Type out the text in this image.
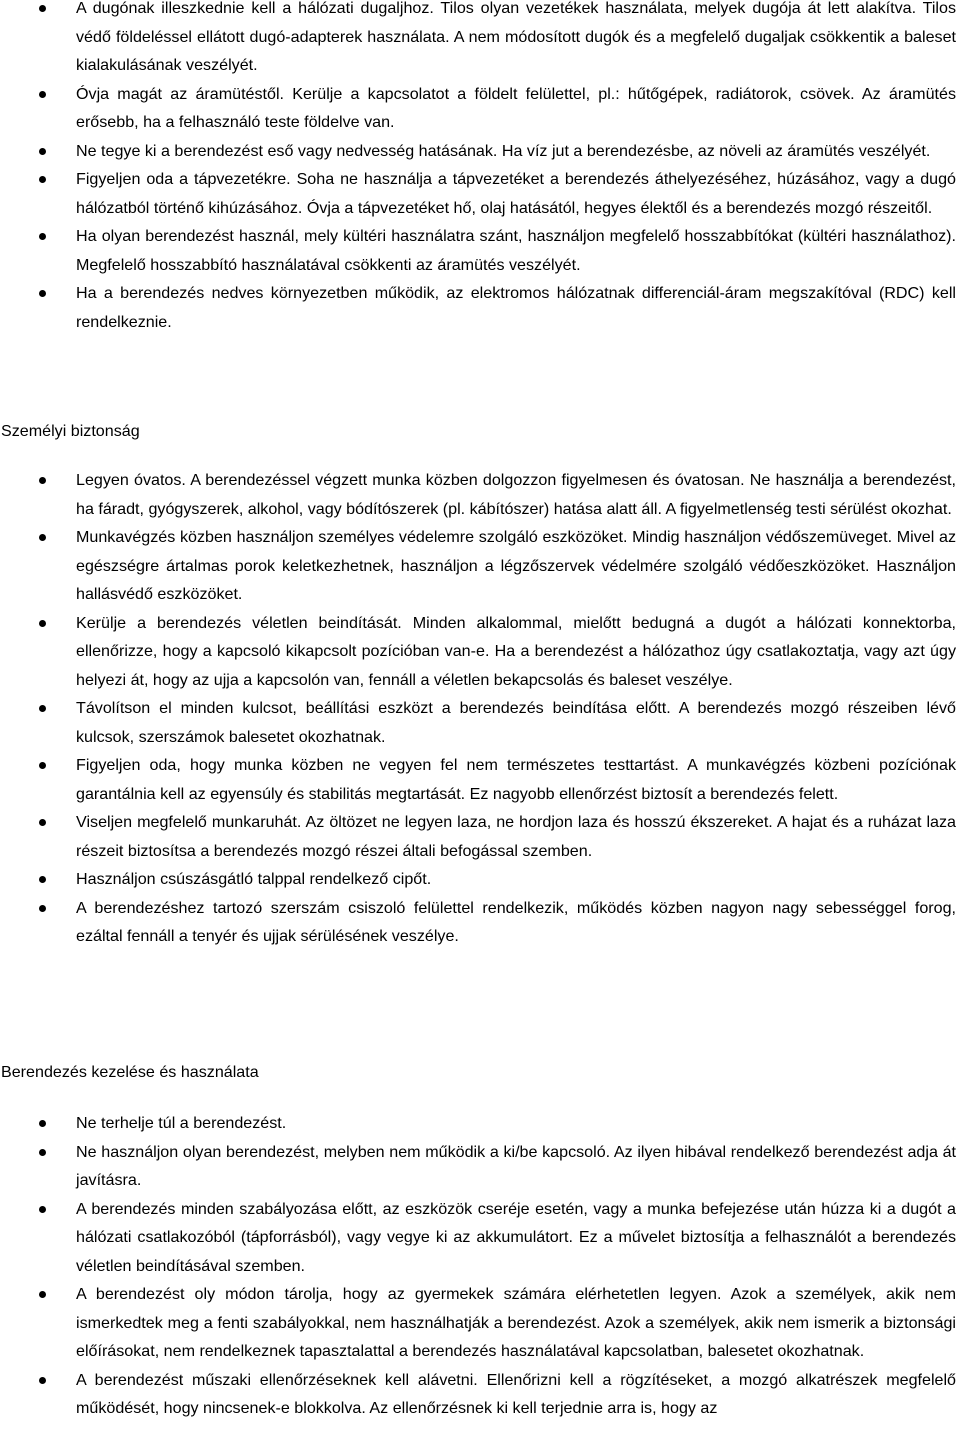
A dugónak illeszkednie kell a hálózati dugaljhoz. Tilos olyan vezetékek használata, melyek dugója át lett alakítva. Tilos védő földeléssel ellátott dugó-adapterek használata. A nem módosított dugók és a megfelelő dugaljak csökkentik a baleset kialakulásának veszélyét.
Óvja magát az áramütéstől. Kerülje a kapcsolatot a földelt felülettel, pl.: hűtőgépek, radiátorok, csövek. Az áramütés erősebb, ha a felhasználó teste földelve van.
Ne tegye ki a berendezést eső vagy nedvesség hatásának. Ha víz jut a berendezésbe, az növeli az áramütés veszélyét.
Figyeljen oda a tápvezetékre. Soha ne használja a tápvezetéket a berendezés áthelyezéséhez, húzásához, vagy a dugó hálózatból történő kihúzásához. Óvja a tápvezetéket hő, olaj hatásától, hegyes élektől és a berendezés mozgó részeitől.
Ha olyan berendezést használ, mely kültéri használatra szánt, használjon megfelelő hosszabbítókat (kültéri használathoz). Megfelelő hosszabbító használatával csökkenti az áramütés veszélyét.
Ha a berendezés nedves környezetben működik, az elektromos hálózatnak differenciál-áram megszakítóval (RDC) kell rendelkeznie.
Személyi biztonság
Legyen óvatos. A berendezéssel végzett munka közben dolgozzon figyelmesen és óvatosan. Ne használja a berendezést, ha fáradt, gyógyszerek, alkohol, vagy bódítószerek (pl. kábítószer) hatása alatt áll. A figyelmetlenség testi sérülést okozhat.
Munkavégzés közben használjon személyes védelemre szolgáló eszközöket. Mindig használjon védőszemüveget. Mivel az egészségre ártalmas porok keletkezhetnek, használjon a légzőszervek védelmére szolgáló védőeszközöket. Használjon hallásvédő eszközöket.
Kerülje a berendezés véletlen beindítását. Minden alkalommal, mielőtt bedugná a dugót a hálózati konnektorba, ellenőrizze, hogy a kapcsoló kikapcsolt pozícióban van-e. Ha a berendezést a hálózathoz úgy csatlakoztatja, vagy azt úgy helyezi át, hogy az ujja a kapcsolón van, fennáll a véletlen bekapcsolás és baleset veszélye.
Távolítson el minden kulcsot, beállítási eszközt a berendezés beindítása előtt. A berendezés mozgó részeiben lévő kulcsok, szerszámok balesetet okozhatnak.
Figyeljen oda, hogy munka közben ne vegyen fel nem természetes testtartást. A munkavégzés közbeni pozíciónak garantálnia kell az egyensúly és stabilitás megtartását. Ez nagyobb ellenőrzést biztosít a berendezés felett.
Viseljen megfelelő munkaruhát. Az öltözet ne legyen laza, ne hordjon laza és hosszú ékszereket. A hajat és a ruházat laza részeit biztosítsa a berendezés mozgó részei általi befogással szemben.
Használjon csúszásgátló talppal rendelkező cipőt.
A berendezéshez tartozó szerszám csiszoló felülettel rendelkezik, működés közben nagyon nagy sebességgel forog, ezáltal fennáll a tenyér és ujjak sérülésének veszélye.
Berendezés kezelése és használata
Ne terhelje túl a berendezést.
Ne használjon olyan berendezést, melyben nem működik a ki/be kapcsoló. Az ilyen hibával rendelkező berendezést adja át javításra.
A berendezés minden szabályozása előtt, az eszközök cseréje esetén, vagy a munka befejezése után húzza ki a dugót a hálózati csatlakozóból (tápforrásból), vagy vegye ki az akkumulátort. Ez a művelet biztosítja a felhasználót a berendezés véletlen beindításával szemben.
A berendezést oly módon tárolja, hogy az gyermekek számára elérhetetlen legyen. Azok a személyek, akik nem ismerkedtek meg a fenti szabályokkal, nem használhatják a berendezést. Azok a személyek, akik nem ismerik a biztonsági előírásokat, nem rendelkeznek tapasztalattal a berendezés használatával kapcsolatban, balesetet okozhatnak.
A berendezést műszaki ellenőrzéseknek kell alávetni. Ellenőrizni kell a rögzítéseket, a mozgó alkatrészek megfelelő működését, hogy nincsenek-e blokkolva. Az ellenőrzésnek ki kell terjednie arra is, hogy az
